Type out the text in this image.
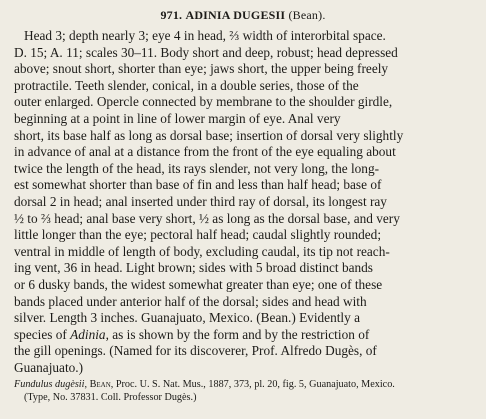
971. ADINIA DUGESII (Bean).
Head 3; depth nearly 3; eye 4 in head, ⅔ width of interorbital space.
D. 15; A. 11; scales 30–11. Body short and deep, robust; head depressed
above; snout short, shorter than eye; jaws short, the upper being freely
protractile. Teeth slender, conical, in a double series, those of the
outer enlarged. Opercle connected by membrane to the shoulder girdle,
beginning at a point in line of lower margin of eye. Anal very
short, its base half as long as dorsal base; insertion of dorsal very slightly
in advance of anal at a distance from the front of the eye equaling about
twice the length of the head, its rays slender, not very long, the long-
est somewhat shorter than base of fin and less than half head; base of
dorsal 2 in head; anal inserted under third ray of dorsal, its longest ray
½ to ⅔ head; anal base very short, ½ as long as the dorsal base, and very
little longer than the eye; pectoral half head; caudal slightly rounded;
ventral in middle of length of body, excluding caudal, its tip not reach-
ing vent, 36 in head. Light brown; sides with 5 broad distinct bands
or 6 dusky bands, the widest somewhat greater than eye; one of these
bands placed under anterior half of the dorsal; sides and head with
silver. Length 3 inches. Guanajuato, Mexico. (Bean.) Evidently a
species of Adinia, as is shown by the form and by the restriction of
the gill openings. (Named for its discoverer, Prof. Alfredo Dugès, of
Guanajuato.)
Fundulus dugèsii, Bean, Proc. U. S. Nat. Mus., 1887, 373, pl. 20, fig. 5, Guanajuato, Mexico.
(Type, No. 37831. Coll. Professor Dugès.)
